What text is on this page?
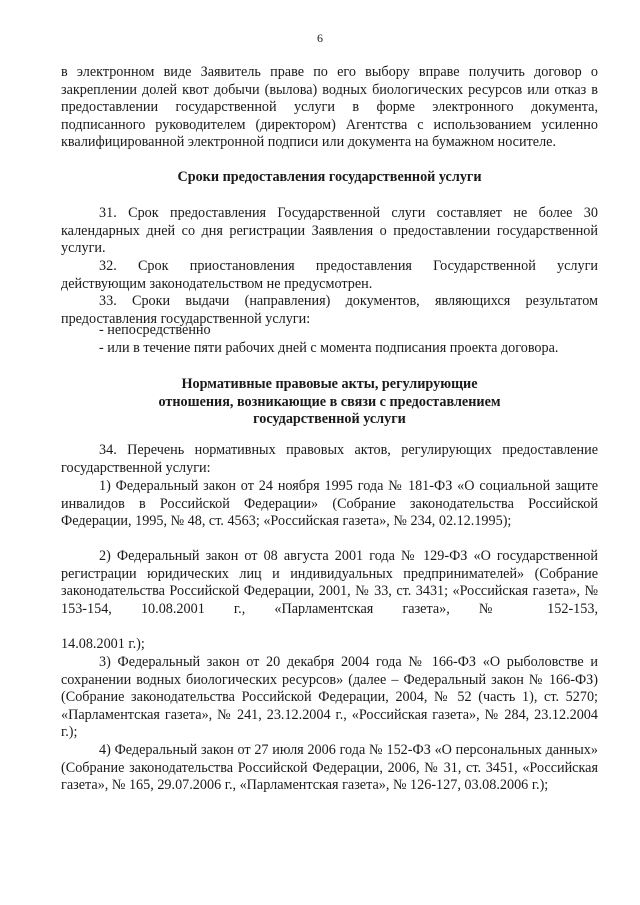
6

в электронном виде Заявитель праве по его выбору вправе получить договор о закреплении долей квот добычи (вылова) водных биологических ресурсов или отказ в предоставлении государственной услуги в форме электронного документа, подписанного руководителем (директором) Агентства с использованием усиленно квалифицированной электронной подписи или документа на бумажном носителе.

Сроки предоставления государственной услуги

31. Срок предоставления Государственной слуги составляет не более 30 календарных дней со дня регистрации Заявления о предоставлении государственной услуги.

32. Срок приостановления предоставления Государственной услуги действующим законодательством не предусмотрен.

33. Сроки выдачи (направления) документов, являющихся результатом предоставления государственной услуги:

- непосредственно

- или в течение пяти рабочих дней с момента подписания проекта договора.

Нормативные правовые акты, регулирующие

отношения, возникающие в связи с предоставлением

государственной услуги

34. Перечень нормативных правовых актов, регулирующих предоставление государственной услуги:

1) Федеральный закон от 24 ноября 1995 года № 181-ФЗ «О социальной защите инвалидов в Российской Федерации» (Собрание законодательства Российской Федерации, 1995, № 48, ст. 4563; «Российская газета», № 234, 02.12.1995);

2) Федеральный закон от 08 августа 2001 года № 129-ФЗ «О государственной регистрации юридических лиц и индивидуальных предпринимателей» (Собрание законодательства Российской Федерации, 2001, № 33, ст. 3431; «Российская газета», № 153-154, 10.08.2001 г., «Парламентская газета», № 152-153,

14.08.2001 г.);

3) Федеральный закон от 20 декабря 2004 года № 166-ФЗ «О рыболовстве и сохранении водных биологических ресурсов» (далее – Федеральный закон № 166-ФЗ) (Собрание законодательства Российской Федерации, 2004, № 52 (часть 1), ст. 5270; «Парламентская газета», № 241, 23.12.2004 г., «Российская газета», № 284, 23.12.2004 г.);

4) Федеральный закон от 27 июля 2006 года № 152-ФЗ «О персональных данных» (Собрание законодательства Российской Федерации, 2006, № 31, ст. 3451, «Российская газета», № 165, 29.07.2006 г., «Парламентская газета», № 126-127, 03.08.2006 г.);
